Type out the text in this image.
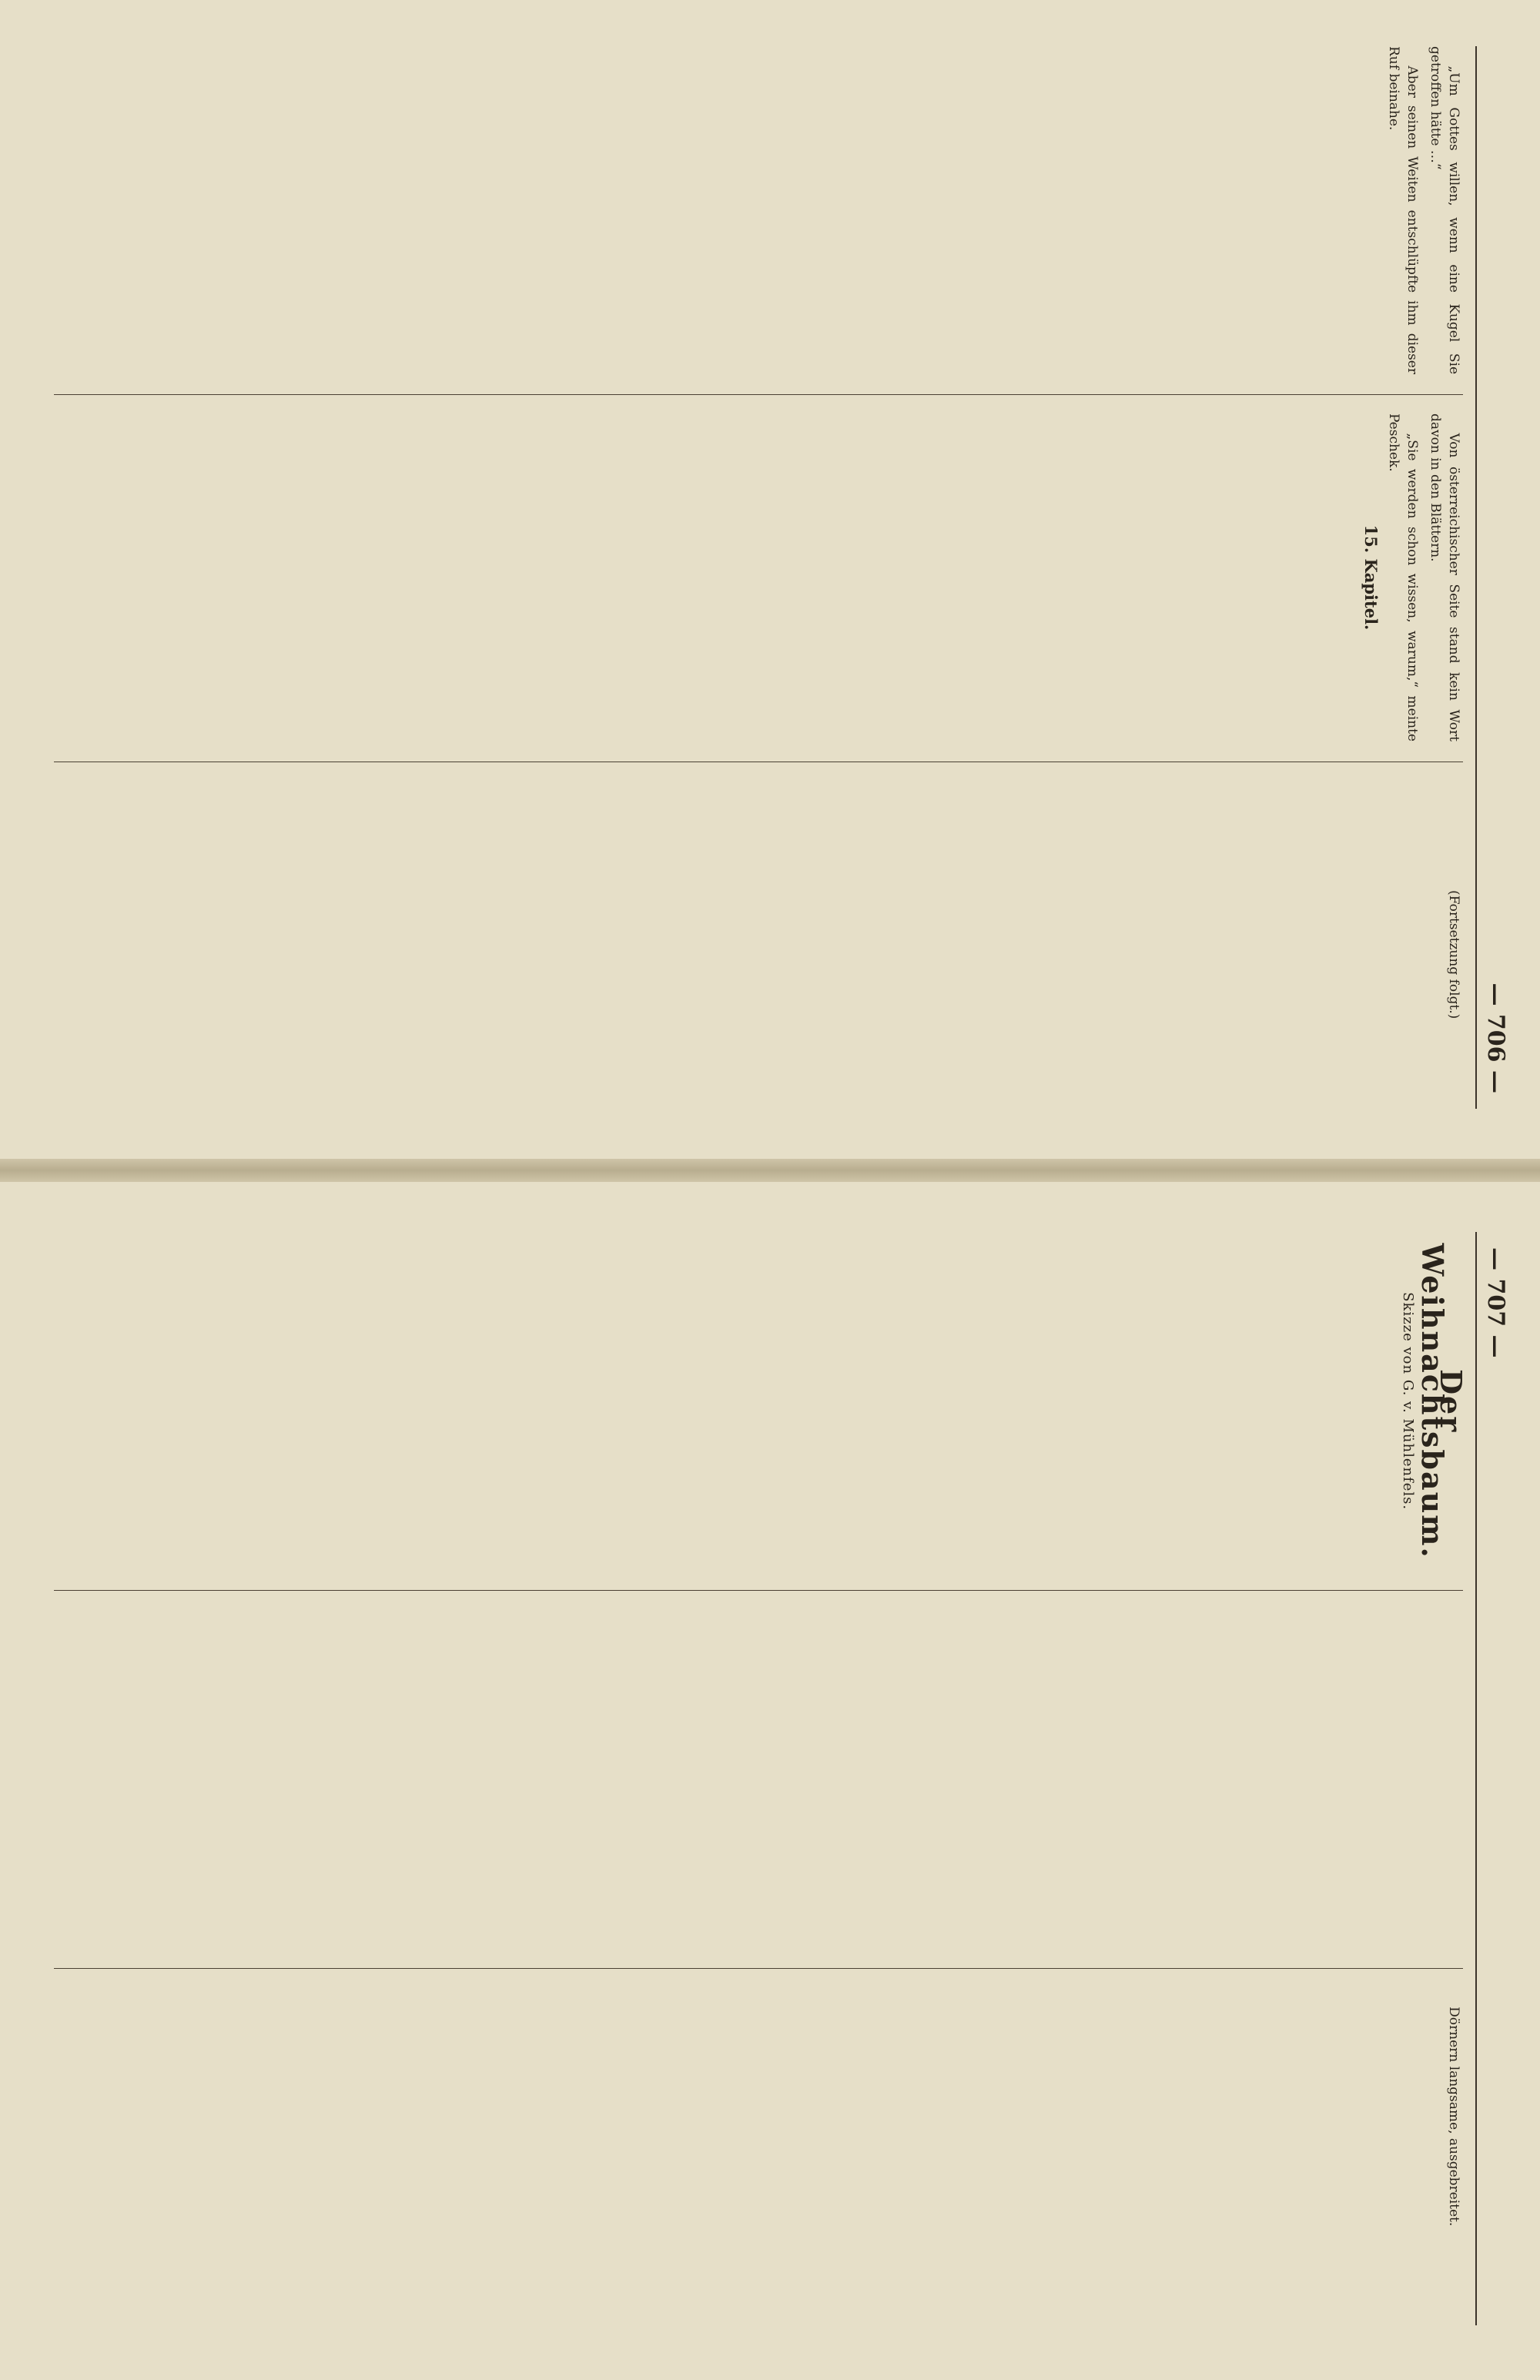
— 706 —

„Um Gottes willen, wenn eine Kugel Sie getroffen hätte …“

Aber seinen Weiten entschlüpfte ihm dieser Ruf beinahe.

Von österreichischer Seite stand kein Wort davon in den Blättern.

„Sie werden schon wissen, warum,“ meinte Peschek.

15. Kapitel.

(Fortsetzung folgt.)

— 707 —
Der Weihnachtsbaum.
Skizze von G. v. Mühlenfels.

Dörnern langsame, ausgebreitet.
